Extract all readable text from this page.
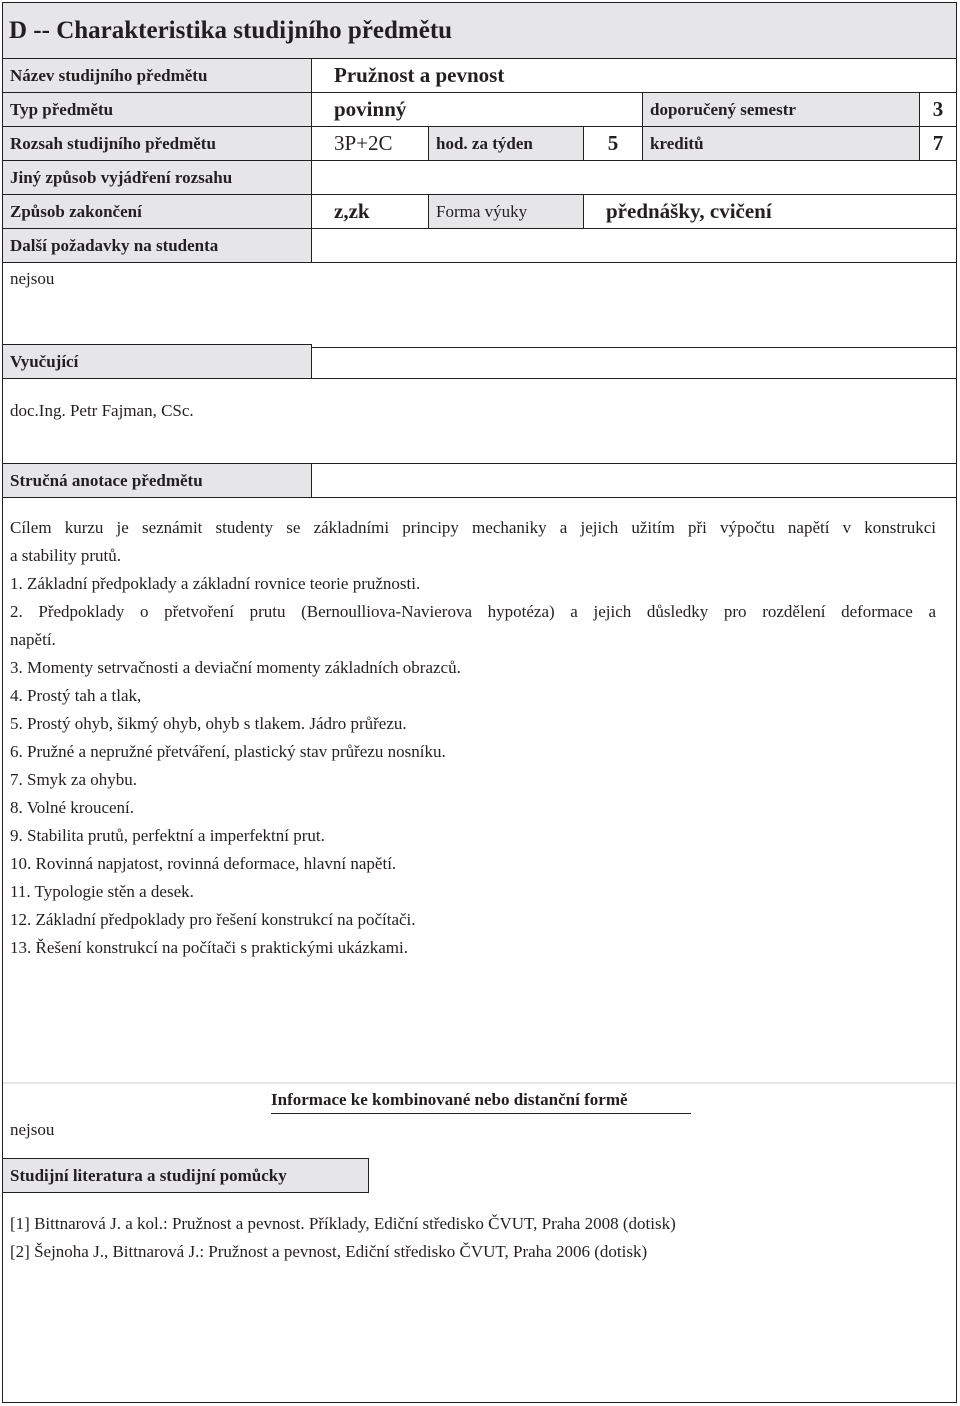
D -- Charakteristika studijního předmětu
Název studijního předmětu	Pružnost a pevnost
Typ předmětu	povinný	doporučený semestr	3
Rozsah studijního předmětu	3P+2C	hod. za týden	5	kreditů	7
Jiný způsob vyjádření rozsahu
Způsob zakončení	z,zk	Forma výuky	přednášky, cvičení
Další požadavky na studenta
nejsou
Vyučující
doc.Ing. Petr Fajman, CSc.
Stručná anotace předmětu
Cílem kurzu je seznámit studenty se základními principy mechaniky a jejich užitím při výpočtu napětí v konstrukci
a stability prutů.
1. Základní předpoklady a základní rovnice teorie pružnosti.
2. Předpoklady o přetvoření prutu (Bernoulliova-Navierova hypotéza) a jejich důsledky pro rozdělení deformace a
napětí.
3. Momenty setrvačnosti a deviační momenty základních obrazců.
4. Prostý tah a tlak,
5. Prostý ohyb, šikmý ohyb, ohyb s tlakem. Jádro průřezu.
6. Pružné a nepružné přetváření, plastický stav průřezu nosníku.
7. Smyk za ohybu.
8. Volné kroucení.
9. Stabilita prutů, perfektní a imperfektní prut.
10. Rovinná napjatost, rovinná deformace, hlavní napětí.
11. Typologie stěn a desek.
12. Základní předpoklady pro řešení konstrukcí na počítači.
13. Řešení konstrukcí na počítači s praktickými ukázkami.
Informace ke kombinované nebo distanční formě
nejsou
Studijní literatura a studijní pomůcky
[1] Bittnarová J. a kol.: Pružnost a pevnost. Příklady, Ediční středisko ČVUT, Praha 2008 (dotisk)
[2] Šejnoha J., Bittnarová J.: Pružnost a pevnost, Ediční středisko ČVUT, Praha 2006 (dotisk)
